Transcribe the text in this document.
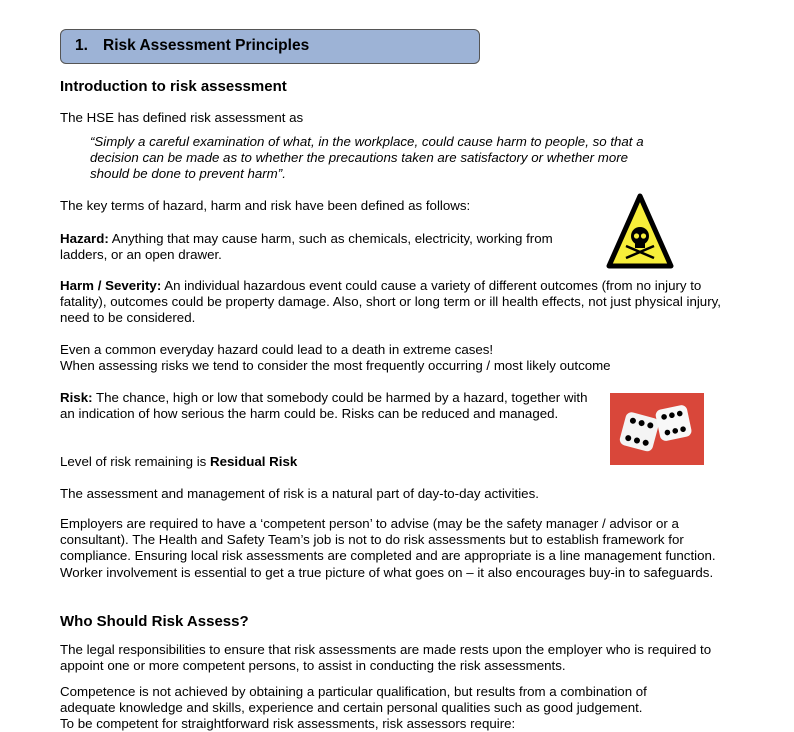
1. Risk Assessment Principles
Introduction to risk assessment

The HSE has defined risk assessment as

“Simply a careful examination of what, in the workplace, could cause harm to people, so that a decision can be made as to whether the precautions taken are satisfactory or whether more should be done to prevent harm”.

The key terms of hazard, harm and risk have been defined as follows:

Hazard: Anything that may cause harm, such as chemicals, electricity, working from ladders, or an open drawer.

Harm / Severity: An individual hazardous event could cause a variety of different outcomes (from no injury to fatality), outcomes could be property damage. Also, short or long term or ill health effects, not just physical injury, need to be considered.

Even a common everyday hazard could lead to a death in extreme cases!

When assessing risks we tend to consider the most frequently occurring / most likely outcome

Risk: The chance, high or low that somebody could be harmed by a hazard, together with an indication of how serious the harm could be. Risks can be reduced and managed.

Level of risk remaining is Residual Risk

The assessment and management of risk is a natural part of day-to-day activities.

Employers are required to have a ‘competent person’ to advise (may be the safety manager / advisor or a consultant). The Health and Safety Team’s job is not to do risk assessments but to establish framework for compliance. Ensuring local risk assessments are completed and are appropriate is a line management function. Worker involvement is essential to get a true picture of what goes on – it also encourages buy-in to safeguards.

Who Should Risk Assess?

The legal responsibilities to ensure that risk assessments are made rests upon the employer who is required to appoint one or more competent persons, to assist in conducting the risk assessments.

Competence is not achieved by obtaining a particular qualification, but results from a combination of adequate knowledge and skills, experience and certain personal qualities such as good judgement.

To be competent for straightforward risk assessments, risk assessors require:
